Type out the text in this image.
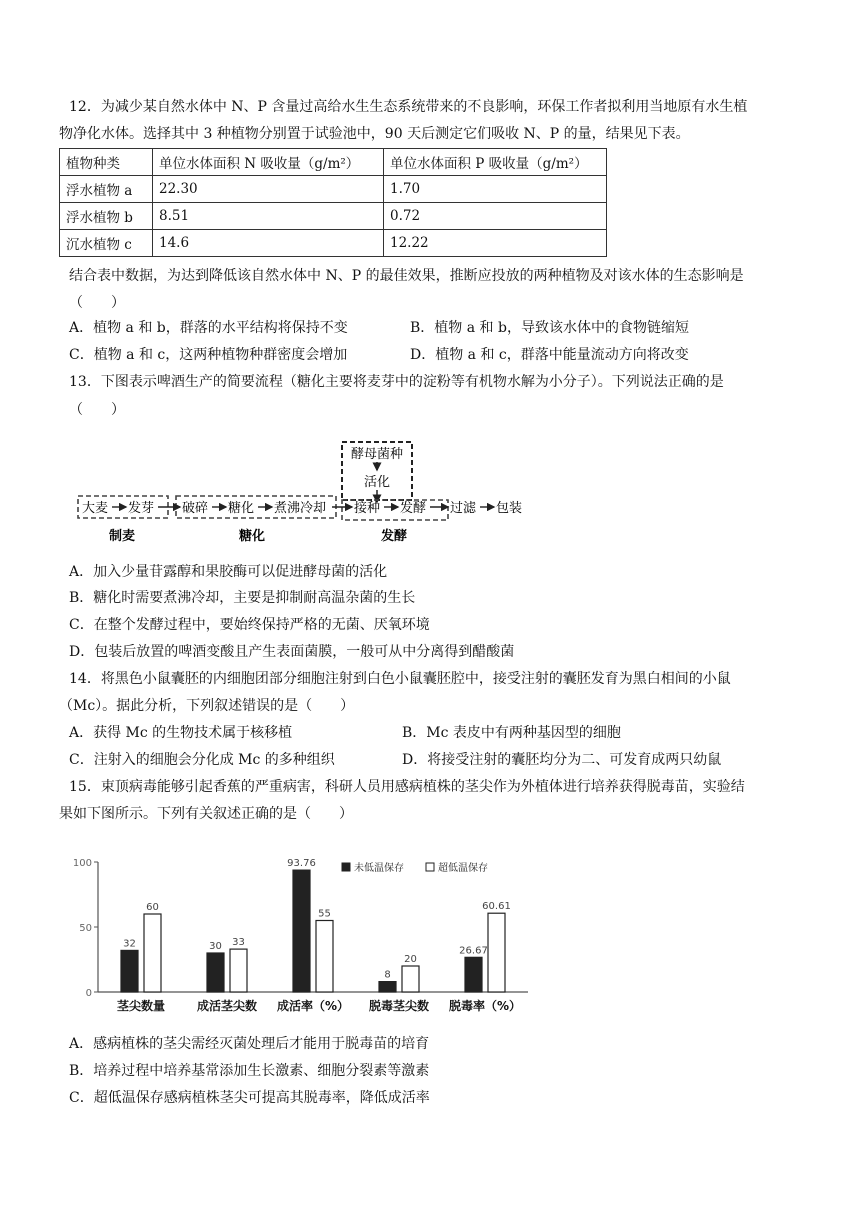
12．为减少某自然水体中 N、P 含量过高给水生生态系统带来的不良影响，环保工作者拟利用当地原有水生植
物净化水体。选择其中 3 种植物分别置于试验池中，90 天后测定它们吸收 N、P 的量，结果见下表。
植物种类	单位水体面积 N 吸收量（g/m²）	单位水体面积 P 吸收量（g/m²）
浮水植物 a	22.30	1.70
浮水植物 b	8.51	0.72
沉水植物 c	14.6	12.22
结合表中数据，为达到降低该自然水体中 N、P 的最佳效果，推断应投放的两种植物及对该水体的生态影响是
（　　）
A．植物 a 和 b，群落的水平结构将保持不变	B．植物 a 和 b，导致该水体中的食物链缩短
C．植物 a 和 c，这两种植物种群密度会增加	D．植物 a 和 c，群落中能量流动方向将改变
13．下图表示啤酒生产的简要流程（糖化主要将麦芽中的淀粉等有机物水解为小分子）。下列说法正确的是
（　　）
酵母菌种
活化
大麦 发芽 破碎 糖化 煮沸冷却 接种 发酵 过滤 包装
制麦	糖化	发酵
A．加入少量苷露醇和果胶酶可以促进酵母菌的活化
B．糖化时需要煮沸冷却，主要是抑制耐高温杂菌的生长
C．在整个发酵过程中，要始终保持严格的无菌、厌氧环境
D．包装后放置的啤酒变酸且产生表面菌膜，一般可从中分离得到醋酸菌
14．将黑色小鼠囊胚的内细胞团部分细胞注射到白色小鼠囊胚腔中，接受注射的囊胚发育为黑白相间的小鼠
（Mc）。据此分析，下列叙述错误的是（　　）
A．获得 Mc 的生物技术属于核移植	B．Mc 表皮中有两种基因型的细胞
C．注射入的细胞会分化成 Mc 的多种组织	D．将接受注射的囊胚均分为二、可发育成两只幼鼠
15．束顶病毒能够引起香蕉的严重病害，科研人员用感病植株的茎尖作为外植体进行培养获得脱毒苗，实验结
果如下图所示。下列有关叙述正确的是（　　）
0
50
100
32
60
茎尖数量
30 33
成活茎尖数
93.76
55
成活率（%）
8
20
脱毒茎尖数
26.67
60.61
脱毒率（%）
未低温保存	超低温保存
A．感病植株的茎尖需经灭菌处理后才能用于脱毒苗的培育
B．培养过程中培养基常添加生长激素、细胞分裂素等激素
C．超低温保存感病植株茎尖可提高其脱毒率，降低成活率
